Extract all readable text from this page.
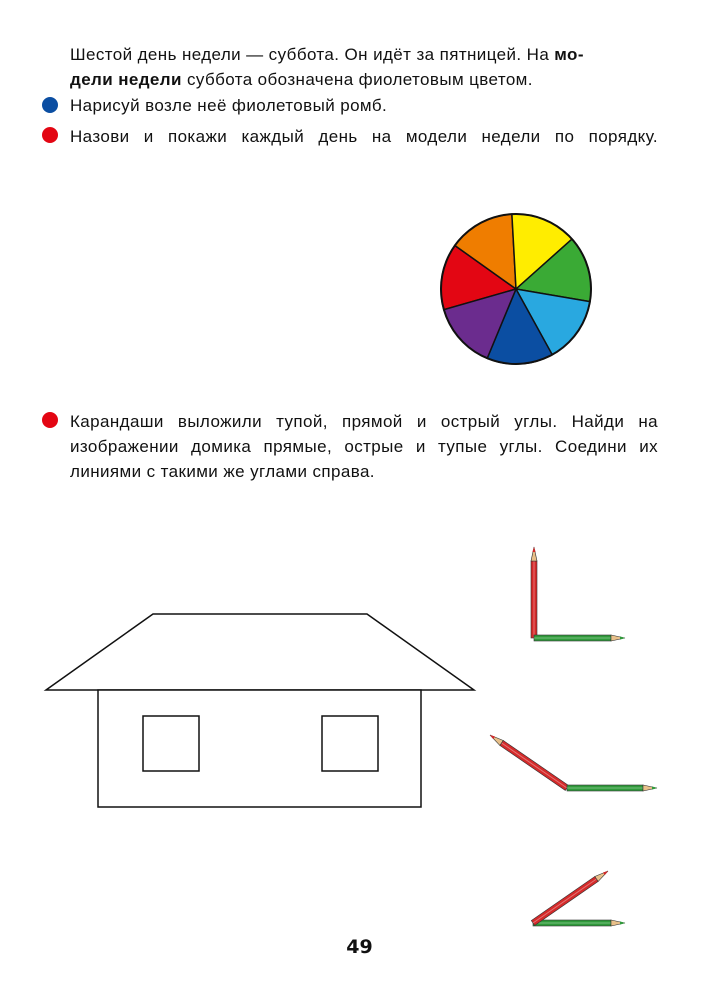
Шестой день недели — суббота. Он идёт за пятницей. На мо-
дели недели суббота обозначена фиолетовым цветом.

Нарисуй возле неё фиолетовый ромб.

Назови и покажи каждый день на модели недели по порядку.

Карандаши выложили тупой, прямой и острый углы. Найди на изображении домика прямые, острые и тупые углы. Соедини их линиями с такими же углами справа.

49
